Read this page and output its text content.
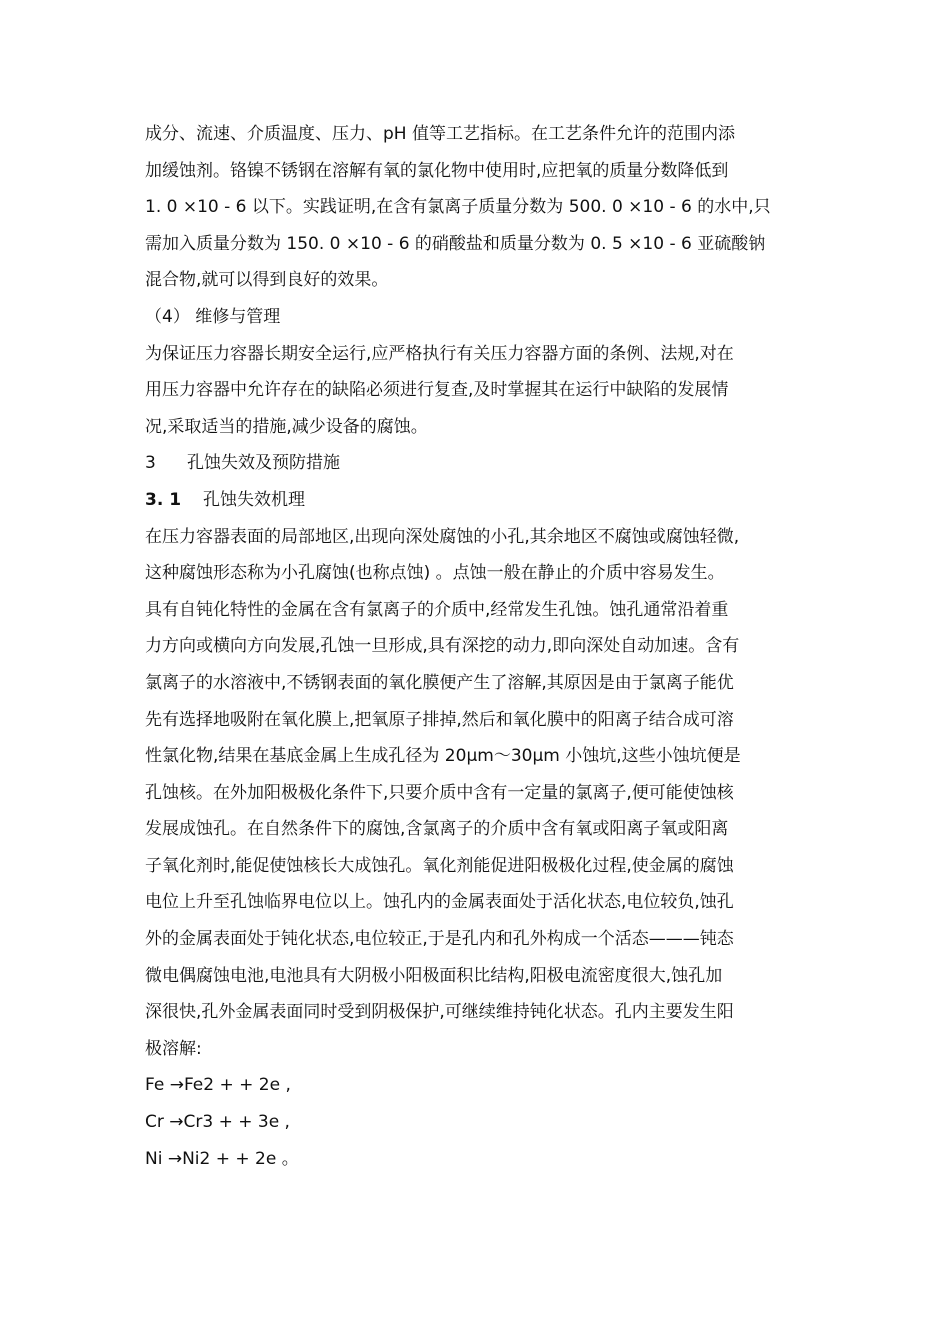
成分、流速、介质温度、压力、pH 值等工艺指标。在工艺条件允许的范围内添
加缓蚀剂。铬镍不锈钢在溶解有氧的氯化物中使用时,应把氧的质量分数降低到
1. 0 ×10 - 6 以下。实践证明,在含有氯离子质量分数为 500. 0 ×10 - 6 的水中,只
需加入质量分数为 150. 0 ×10 - 6 的硝酸盐和质量分数为 0. 5 ×10 - 6 亚硫酸钠
混合物,就可以得到良好的效果。
（4） 维修与管理
为保证压力容器长期安全运行,应严格执行有关压力容器方面的条例、法规,对在
用压力容器中允许存在的缺陷必须进行复查,及时掌握其在运行中缺陷的发展情
况,采取适当的措施,减少设备的腐蚀。
3 孔蚀失效及预防措施
3. 1 孔蚀失效机理
在压力容器表面的局部地区,出现向深处腐蚀的小孔,其余地区不腐蚀或腐蚀轻微,
这种腐蚀形态称为小孔腐蚀(也称点蚀) 。点蚀一般在静止的介质中容易发生。
具有自钝化特性的金属在含有氯离子的介质中,经常发生孔蚀。蚀孔通常沿着重
力方向或横向方向发展,孔蚀一旦形成,具有深挖的动力,即向深处自动加速。含有
氯离子的水溶液中,不锈钢表面的氧化膜便产生了溶解,其原因是由于氯离子能优
先有选择地吸附在氧化膜上,把氧原子排掉,然后和氧化膜中的阳离子结合成可溶
性氯化物,结果在基底金属上生成孔径为 20μm～30μm 小蚀坑,这些小蚀坑便是
孔蚀核。在外加阳极极化条件下,只要介质中含有一定量的氯离子,便可能使蚀核
发展成蚀孔。在自然条件下的腐蚀,含氯离子的介质中含有氧或阳离子氧或阳离
子氧化剂时,能促使蚀核长大成蚀孔。氧化剂能促进阳极极化过程,使金属的腐蚀
电位上升至孔蚀临界电位以上。蚀孔内的金属表面处于活化状态,电位较负,蚀孔
外的金属表面处于钝化状态,电位较正,于是孔内和孔外构成一个活态———钝态
微电偶腐蚀电池,电池具有大阴极小阳极面积比结构,阳极电流密度很大,蚀孔加
深很快,孔外金属表面同时受到阴极保护,可继续维持钝化状态。孔内主要发生阳
极溶解:
Fe →Fe2 + + 2e ,
Cr →Cr3 + + 3e ,
Ni →Ni2 + + 2e 。
